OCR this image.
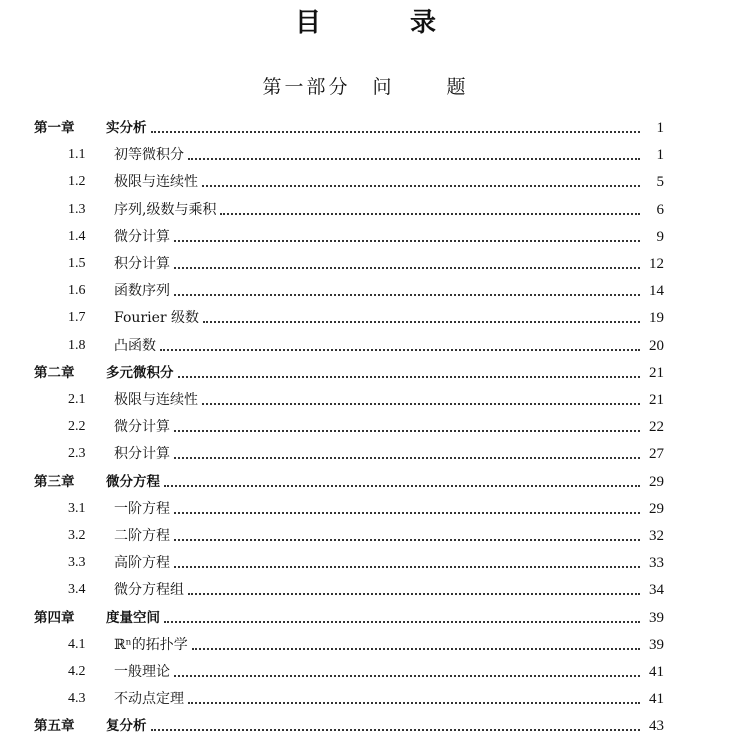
目 录
第一部分 问	题
第一章	实分析	1
1.1	初等微积分	1
1.2	极限与连续性	5
1.3	序列,级数与乘积	6
1.4	微分计算	9
1.5	积分计算	12
1.6	函数序列	14
1.7	Fourier 级数	19
1.8	凸函数	20
第二章	多元微积分	21
2.1	极限与连续性	21
2.2	微分计算	22
2.3	积分计算	27
第三章	微分方程	29
3.1	一阶方程	29
3.2	二阶方程	32
3.3	高阶方程	33
3.4	微分方程组	34
第四章	度量空间	39
4.1	ℝⁿ的拓扑学	39
4.2	一般理论	41
4.3	不动点定理	41
第五章	复分析	43
